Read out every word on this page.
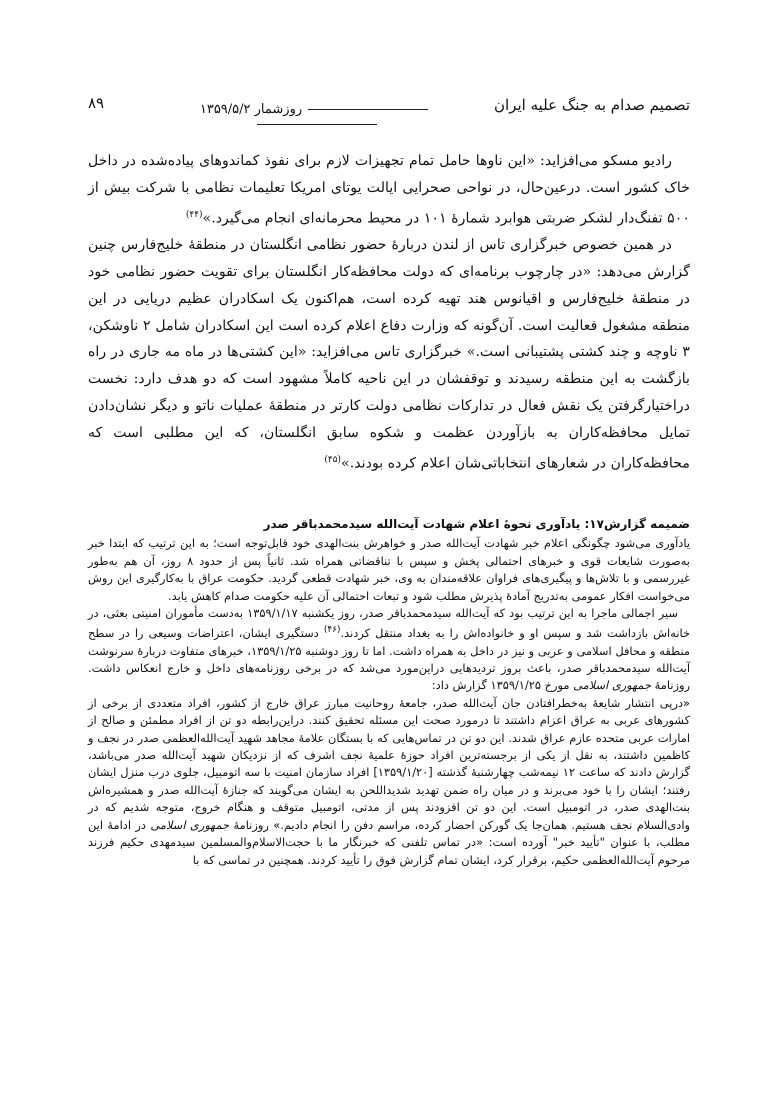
تصمیم صدام به جنگ علیه ایران
روزشمار ۱۳۵۹/۵/۲
۸۹

رادیو مسکو می‌افزاید: «این ناوها حامل تمام تجهیزات لازم برای نفوذ کماندوهای پیاده‌شده در داخل خاک کشور است. درعین‌حال، در نواحی صحرایی ایالت یوتای امریکا تعلیمات نظامی با شرکت بیش از ۵۰۰ تفنگ‌دار لشکر ضربتی هوابرد شمارهٔ ۱۰۱ در محیط محرمانه‌ای انجام می‌گیرد.»$^{(۴۴)}$

در همین خصوص خبرگزاری تاس از لندن دربارهٔ حضور نظامی انگلستان در منطقهٔ خلیج‌فارس چنین گزارش می‌دهد: «در چارچوب برنامه‌ای که دولت محافظه‌کار انگلستان برای تقویت حضور نظامی خود در منطقهٔ خلیج‌فارس و اقیانوس هند تهیه کرده است، هم‌اکنون یک اسکادران عظیم دریایی در این منطقه مشغول فعالیت است. آن‌گونه که وزارت دفاع اعلام کرده است این اسکادران شامل ۲ ناوشکن، ۳ ناوچه و چند کشتی پشتیبانی است.» خبرگزاری تاس می‌افزاید: «این کشتی‌ها در ماه مه جاری در راه بازگشت به این منطقه رسیدند و توقفشان در این ناحیه کاملاً مشهود است که دو هدف دارد: نخست دراختیارگرفتن یک نقش فعال در تدارکات نظامی دولت کارتر در منطقهٔ عملیات ناتو و دیگر نشان‌دادن تمایل محافظه‌کاران به بازآوردن عظمت و شکوه سابق انگلستان، که این مطلبی است که محافظه‌کاران در شعارهای انتخاباتی‌شان اعلام کرده بودند.»$^{(۴۵)}$

ضمیمه گزارش۱۷: یادآوری نحوهٔ اعلام شهادت آیت‌الله سیدمحمدباقر صدر

یادآوری می‌شود چگونگی اعلام خبر شهادت آیت‌الله صدر و خواهرش بنت‌الهدی خود قابل‌توجه است؛ به این ترتیب که ابتدا خبر به‌صورت شایعات قوی و خبرهای احتمالی پخش و سپس با تناقضاتی همراه شد. ثانیاً پس از حدود ۸ روز، آن هم به‌طور غیررسمی و با تلاش‌ها و پیگیری‌های فراوان علاقه‌مندان به وی، خبر شهادت قطعی گردید. حکومت عراق با به‌کارگیری این روش می‌خواست افکار عمومی به‌تدریج آمادهٔ پذیرش مطلب شود و تبعات احتمالی آن علیه حکومت صدام کاهش یابد.

سیر اجمالی ماجرا به این ترتیب بود که آیت‌الله سیدمحمدباقر صدر، روز یکشنبه ۱۳۵۹/۱/۱۷ به‌دست مأموران امنیتی بعثی، در خانه‌اش بازداشت شد و سپس او و خانواده‌اش را به بغداد منتقل کردند.$^{(۴۶)}$ دستگیری ایشان، اعتراضات وسیعی را در سطح منطقه و محافل اسلامی و عربی و نیز در داخل به همراه داشت. اما تا روز دوشنبه ۱۳۵۹/۱/۲۵، خبرهای متفاوت دربارهٔ سرنوشت آیت‌الله سیدمحمدباقر صدر، باعث بروز تردیدهایی دراین‌مورد می‌شد که در برخی روزنامه‌های داخل و خارج انعکاس داشت. روزنامهٔ جمهوری اسلامی مورخ ۱۳۵۹/۱/۲۵ گزارش داد:

«درپی انتشار شایعهٔ به‌خطرافتادن جان آیت‌الله صدر، جامعهٔ روحانیت مبارز عراق خارج از کشور، افراد متعددی از برخی از کشورهای عربی به عراق اعزام داشتند تا درمورد صحت این مسئله تحقیق کنند. دراین‌رابطه دو تن از افراد مطمئن و صالح از امارات عربی متحده عازم عراق شدند. این دو تن در تماس‌هایی که با بستگان علامهٔ مجاهد شهید آیت‌الله‌العظمی صدر در نجف و کاظمین داشتند، به نقل از یکی از برجسته‌ترین افراد حوزهٔ علمیهٔ نجف اشرف که از نزدیکان شهید آیت‌الله صدر می‌باشد، گزارش دادند که ساعت ۱۲ نیمه‌شب چهارشنبهٔ گذشته [۱۳۵۹/۱/۲۰] افراد سازمان امنیت با سه اتومبیل، جلوی درب منزل ایشان رفتند؛ ایشان را با خود می‌برند و در میان راه ضمن تهدید شدیداللحن به ایشان می‌گویند که جنازهٔ آیت‌الله صدر و همشیره‌اش بنت‌الهدی صدر، در اتومبیل است. این دو تن افزودند پس از مدتی، اتومبیل متوقف و هنگام خروج، متوجه شدیم که در وادی‌السلام نجف هستیم. همان‌جا یک گورکن احضار کرده، مراسم دفن را انجام دادیم.» روزنامهٔ جمهوری اسلامی در ادامهٔ این مطلب، با عنوان "تأیید خبر" آورده است: «در تماس تلفنی که خبرنگار ما با حجت‌الاسلام‌والمسلمین سیدمهدی حکیم فرزند مرحوم آیت‌الله‌العظمی حکیم، برقرار کرد، ایشان تمام گزارش فوق را تأیید کردند. همچنین در تماسی که با
